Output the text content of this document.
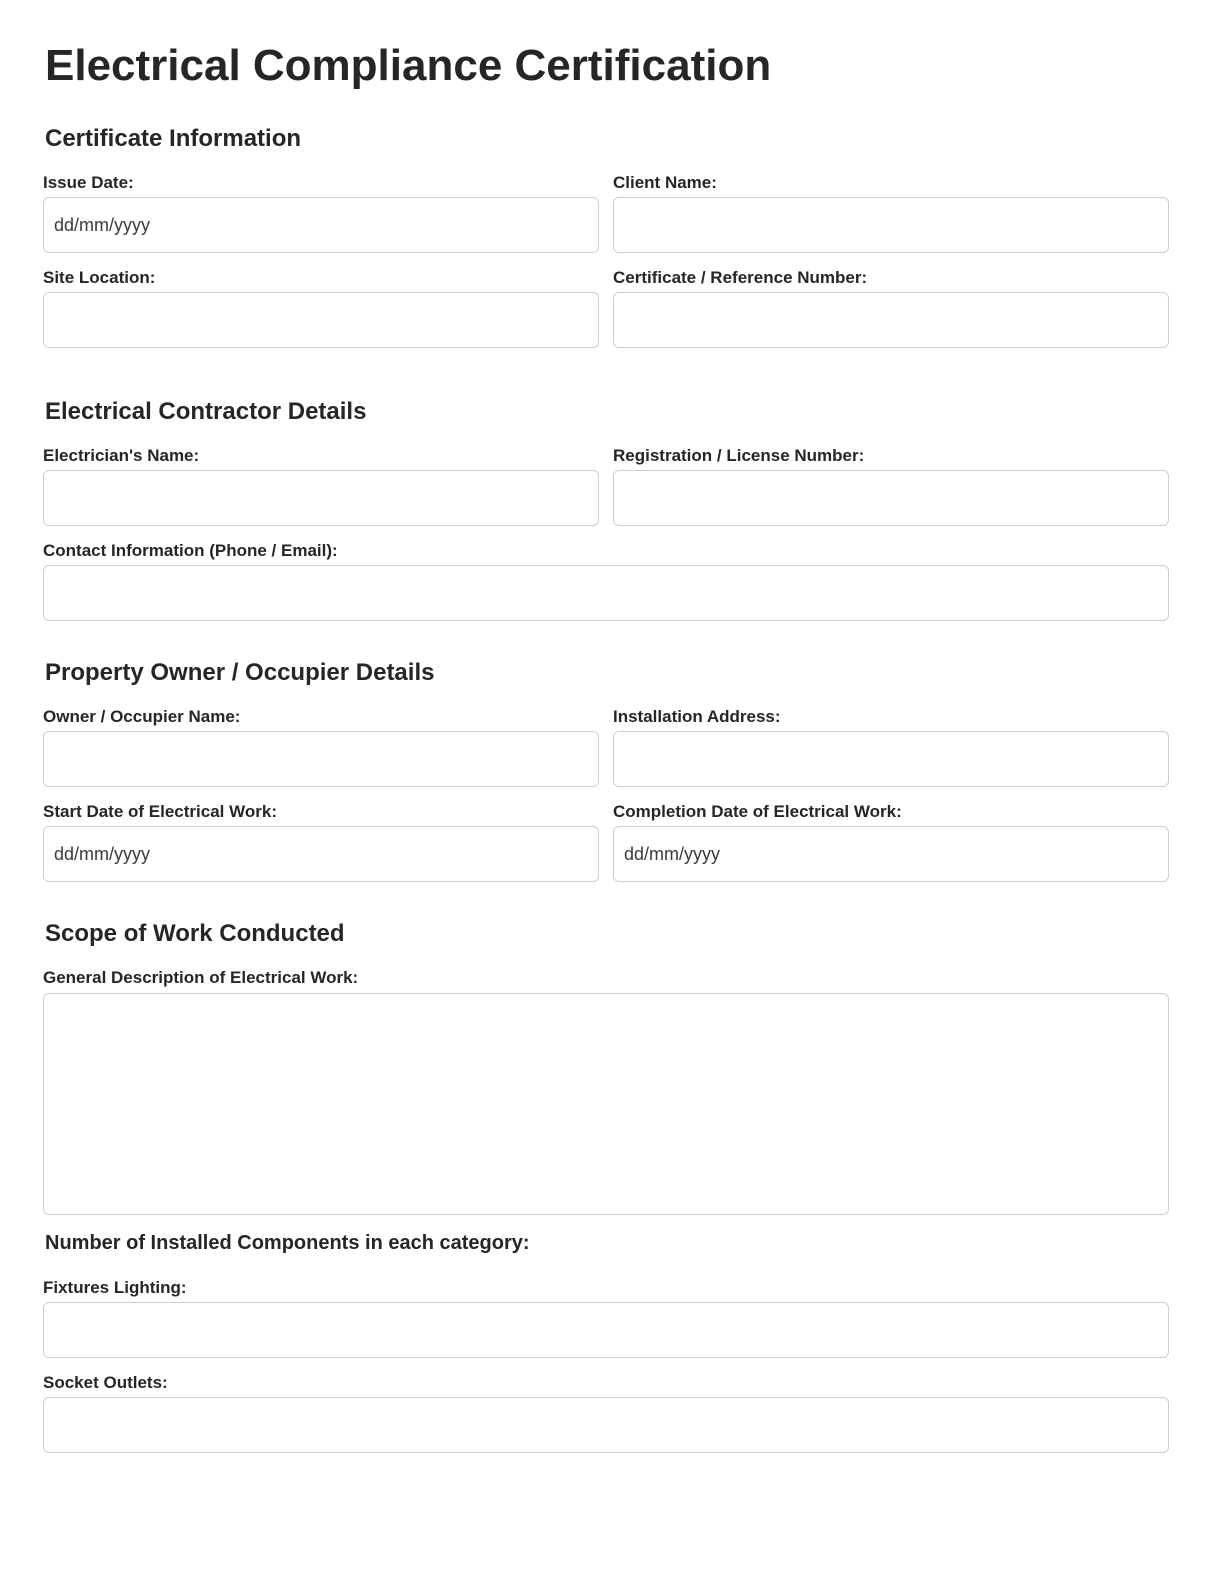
Electrical Compliance Certification
Certificate Information
Issue Date:
dd/mm/yyyy
Client Name:
Site Location:	Certificate / Reference Number:
Electrical Contractor Details
Electrician's Name:	Registration / License Number:
Contact Information (Phone / Email):
Property Owner / Occupier Details
Owner / Occupier Name:	Installation Address:
Start Date of Electrical Work:
dd/mm/yyyy
Completion Date of Electrical Work:
dd/mm/yyyy
Scope of Work Conducted
General Description of Electrical Work:
Number of Installed Components in each category:
Fixtures Lighting:
Socket Outlets:
